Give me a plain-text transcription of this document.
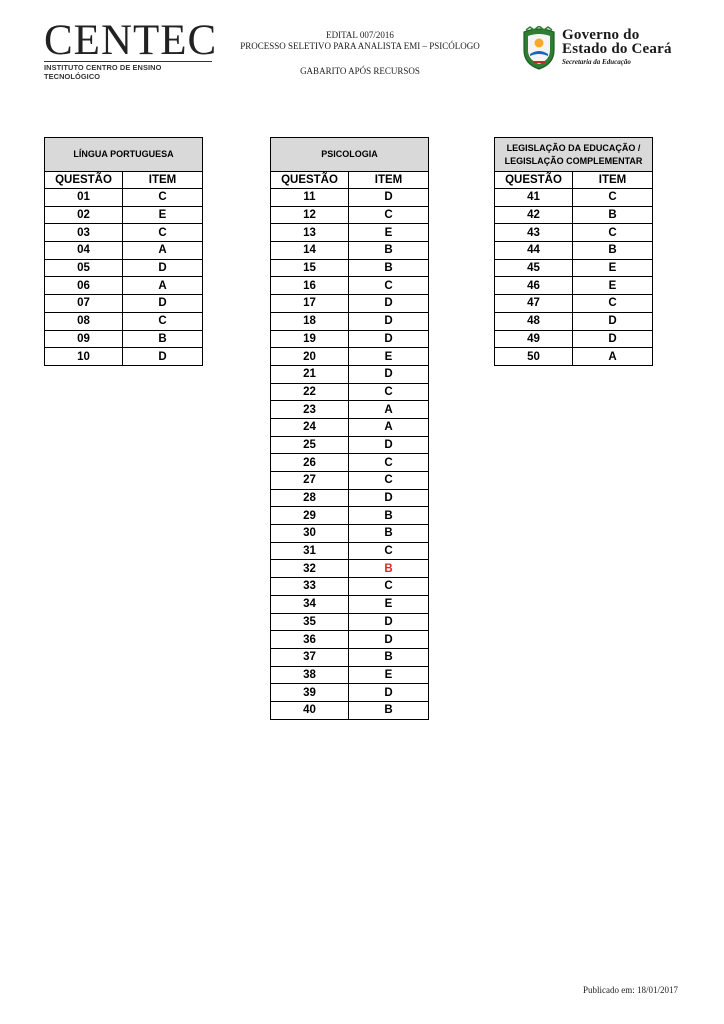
CENTEC
INSTITUTO CENTRO DE ENSINO TECNOLÓGICO
EDITAL 007/2016
PROCESSO SELETIVO PARA ANALISTA EMI – PSICÓLOGO
GABARITO APÓS RECURSOS
Governo do
Estado do Ceará
Secretaria da Educação
LÍNGUA PORTUGUESA	
QUESTÃO	ITEM
01	C
02	E
03	C
04	A
05	D
06	A
07	D
08	C
09	B
10	D
PSICOLOGIA	
QUESTÃO	ITEM
11	D
12	C
13	E
14	B
15	B
16	C
17	D
18	D
19	D
20	E
21	D
22	C
23	A
24	A
25	D
26	C
27	C
28	D
29	B
30	B
31	C
32	B
33	C
34	E
35	D
36	D
37	B
38	E
39	D
40	B
LEGISLAÇÃO DA EDUCAÇÃO /
LEGISLAÇÃO COMPLEMENTAR	

QUESTÃO	ITEM
41	C
42	B
43	C
44	B
45	E
46	E
47	C
48	D
49	D
50	A
Publicado em: 18/01/2017
